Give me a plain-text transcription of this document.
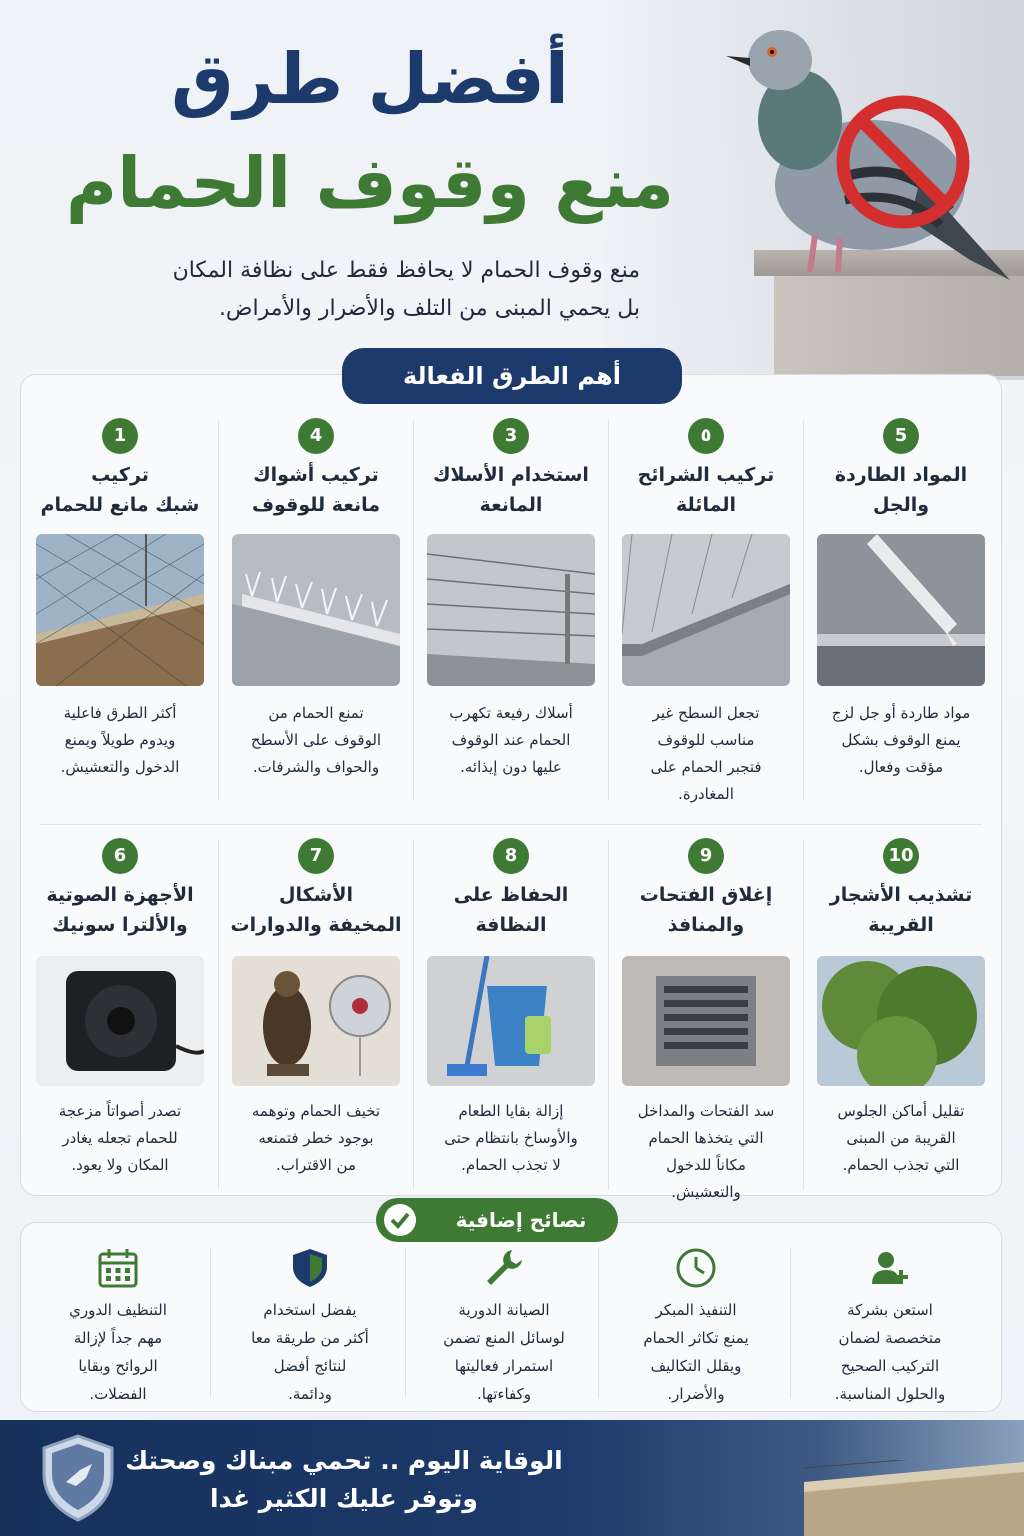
أفضل طرق
منع وقوف الحمام
منع وقوف الحمام لا يحافظ فقط على نظافة المكان
بل يحمي المبنى من التلف والأضرار والأمراض.
أهم الطرق الفعالة
1
تركيب
شبك مانع للحمام
أكثر الطرق فاعلية
ويدوم طويلاً ويمنع
الدخول والتعشيش.
4
تركيب أشواك
مانعة للوقوف
تمنع الحمام من
الوقوف على الأسطح
والحواف والشرفات.
3
استخدام الأسلاك
المانعة
أسلاك رفيعة تكهرب
الحمام عند الوقوف
عليها دون إيذائه.
٥
تركيب الشرائح
المائلة
تجعل السطح غير
مناسب للوقوف
فتجبر الحمام على
المغادرة.
5
المواد الطاردة
والجل
مواد طاردة أو جل لزج
يمنع الوقوف بشكل
مؤقت وفعال.
6
الأجهزة الصوتية
والألترا سونيك
تصدر أصواتاً مزعجة
للحمام تجعله يغادر
المكان ولا يعود.
7
الأشكال
المخيفة والدوارات
تخيف الحمام وتوهمه
بوجود خطر فتمنعه
من الاقتراب.
8
الحفاظ على
النظافة
إزالة بقايا الطعام
والأوساخ بانتظام حتى
لا تجذب الحمام.
9
إغلاق الفتحات
والمنافذ
سد الفتحات والمداخل
التي يتخذها الحمام
مكاناً للدخول
والتعشيش.
10
تشذيب الأشجار
القريبة
تقليل أماكن الجلوس
القريبة من المبنى
التي تجذب الحمام.
نصائح إضافية
التنظيف الدوري
مهم جداً لإزالة
الروائح وبقايا
الفضلات.
يفضل استخدام
أكثر من طريقة معا
لنتائج أفضل
ودائمة.
الصيانة الدورية
لوسائل المنع تضمن
استمرار فعاليتها
وكفاءتها.
التنفيذ المبكر
يمنع تكاثر الحمام
ويقلل التكاليف
والأضرار.
استعن بشركة
متخصصة لضمان
التركيب الصحيح
والحلول المناسبة.
الوقاية اليوم .. تحمي مبناك وصحتك
وتوفر عليك الكثير غدا
